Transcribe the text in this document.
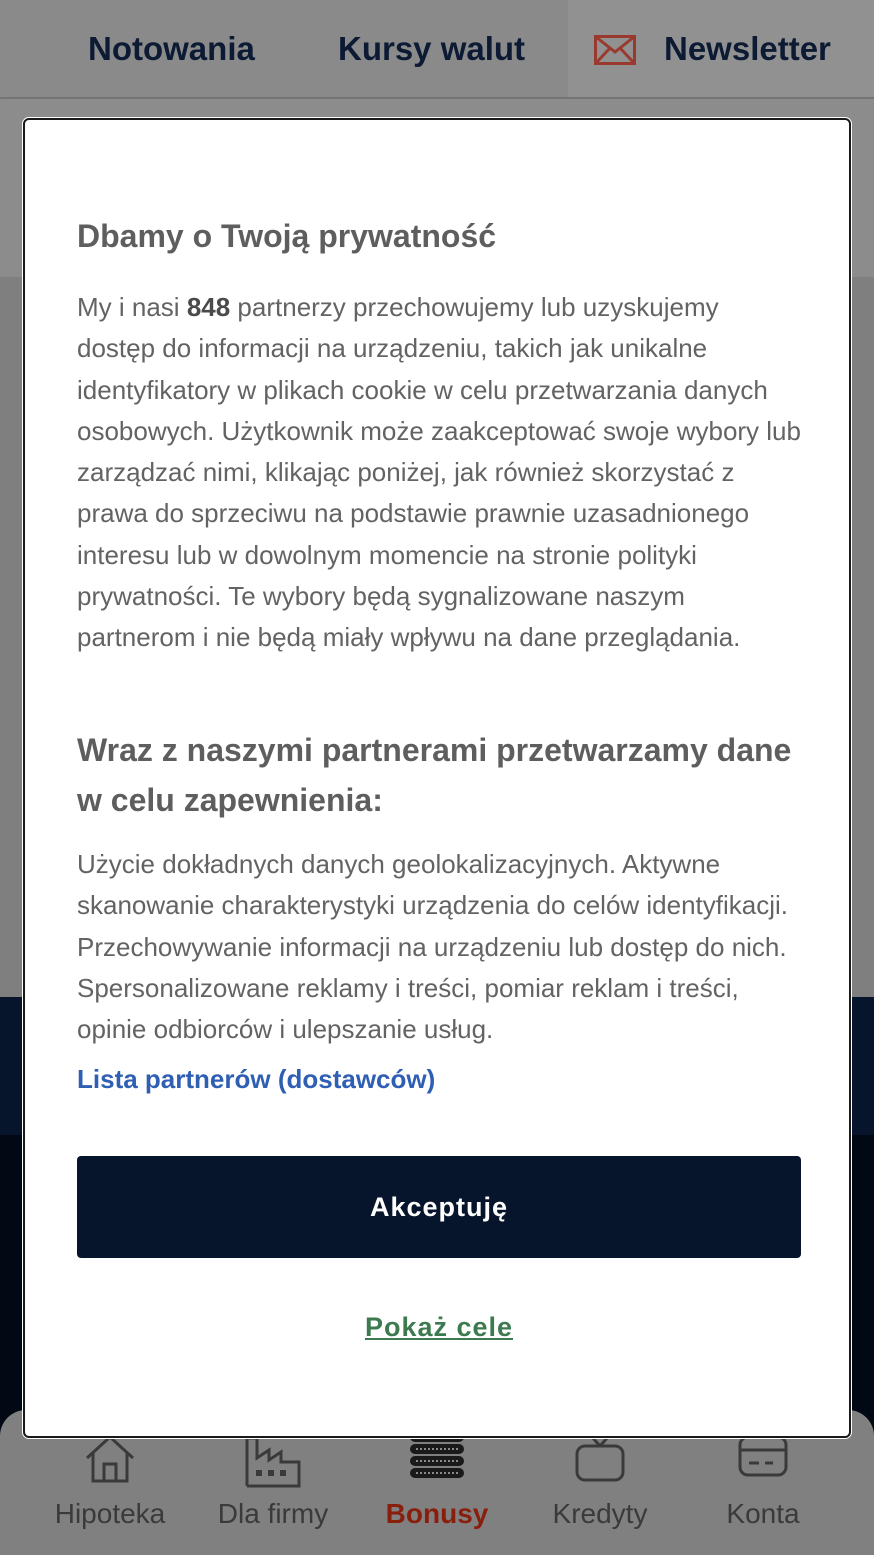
Notowania	Kursy walut	Newsletter
Hipoteka	Dla firmy	Bonusy	Kredyty	Konta
Dbamy o Twoją prywatność
My i nasi 848 partnerzy przechowujemy lub uzyskujemy dostęp do informacji na urządzeniu, takich jak unikalne identyfikatory w plikach cookie w celu przetwarzania danych osobowych. Użytkownik może zaakceptować swoje wybory lub zarządzać nimi, klikając poniżej, jak również skorzystać z prawa do sprzeciwu na podstawie prawnie uzasadnionego interesu lub w dowolnym momencie na stronie polityki prywatności. Te wybory będą sygnalizowane naszym partnerom i nie będą miały wpływu na dane przeglądania.
Wraz z naszymi partnerami przetwarzamy dane w celu zapewnienia:
Użycie dokładnych danych geolokalizacyjnych. Aktywne skanowanie charakterystyki urządzenia do celów identyfikacji. Przechowywanie informacji na urządzeniu lub dostęp do nich. Spersonalizowane reklamy i treści, pomiar reklam i treści, opinie odbiorców i ulepszanie usług.
Lista partnerów (dostawców)
Akceptuję
Pokaż cele
